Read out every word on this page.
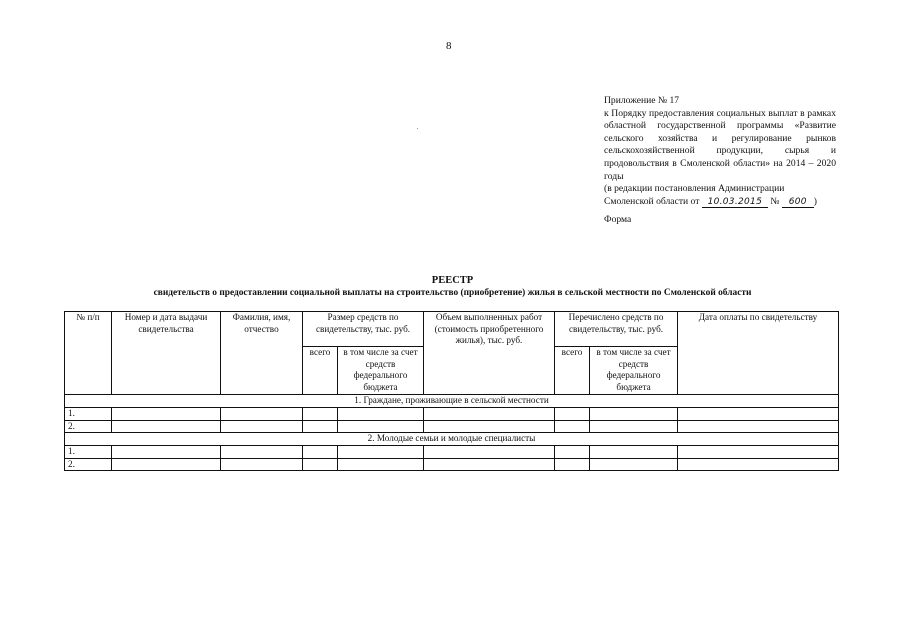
8
Приложение № 17
к Порядку предоставления социальных выплат в рамках областной государственной программы «Развитие сельского хозяйства и регулирование рынков сельскохозяйственной продукции, сырья и продовольствия в Смоленской области» на 2014 – 2020 годы
(в редакции постановления Администрации
Смоленской области от 10.03.2015 № 600 )
Форма
РЕЕСТР
свидетельств о предоставлении социальной выплаты на строительство (приобретение) жилья в сельской местности по Смоленской области
№ п/п	Номер и дата выдачи свидетельства	Фамилия, имя, отчество	Размер средств по свидетельству, тыс. руб.		Объем выполненных работ (стоимость приобретенного жилья), тыс. руб.	Перечислено средств по свидетельству, тыс. руб.		Дата оплаты по свидетельству
			всего	в том числе за счет средств федерального бюджета		всего	в том числе за счет средств федерального бюджета	
1. Граждане, проживающие в сельской местности								
1.								
2.								
2. Молодые семьи и молодые специалисты								
1.								
2.								
